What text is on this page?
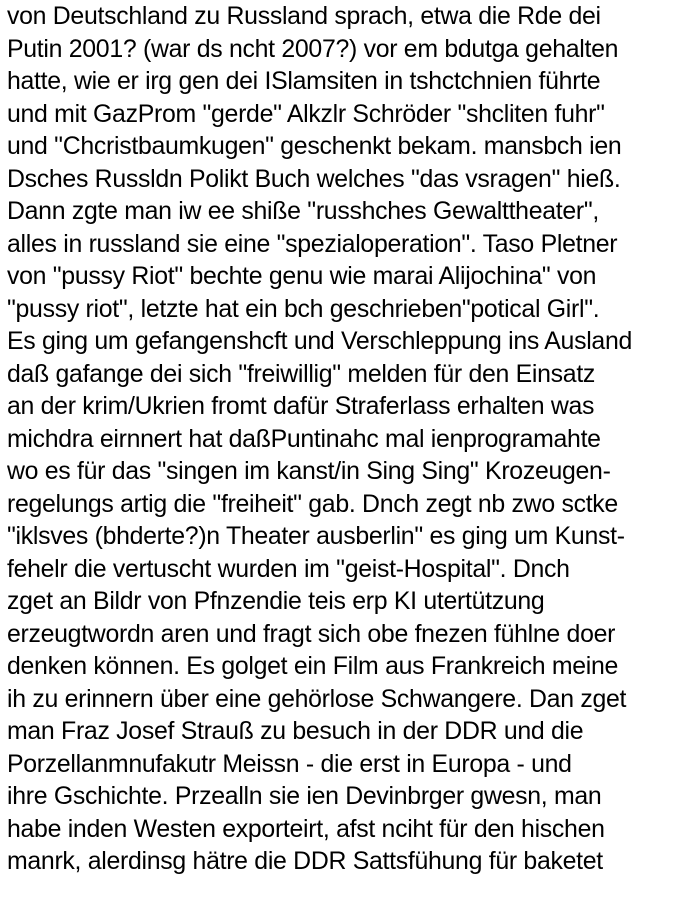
von Deutschland zu Russland sprach, etwa die Rde dei
Putin 2001? (war ds ncht 2007?) vor em bdutga gehalten
hatte, wie er irg gen dei ISlamsiten in tshctchnien führte
und mit GazProm "gerde" Alkzlr Schröder "shcliten fuhr"
und "Chcristbaumkugen" geschenkt bekam. mansbch ien
Dsches Russldn Polikt Buch welches "das vsragen" hieß.
Dann zgte man iw ee shiße "russhches Gewalttheater",
alles in russland sie eine "spezialoperation". Taso Pletner
von "pussy Riot" bechte genu wie marai Alijochina" von
"pussy riot", letzte hat ein bch geschrieben"potical Girl".
Es ging um gefangenshcft und Verschleppung ins Ausland
daß gafange dei sich "freiwillig" melden für den Einsatz
an der krim/Ukrien fromt dafür Straferlass erhalten was
michdra eirnnert hat daßPuntinahc mal ienprogramahte
wo es für das "singen im kanst/in Sing Sing" Krozeugen-
regelungs artig die "freiheit" gab. Dnch zegt nb zwo sctke
"iklsves (bhderte?)n Theater ausberlin" es ging um Kunst-
fehelr die vertuscht wurden im "geist-Hospital". Dnch
zget an Bildr von Pfnzendie teis erp KI utertützung
erzeugtwordn aren und fragt sich obe fnezen fühlne doer
denken können. Es golget ein Film aus Frankreich meine
ih zu erinnern über eine gehörlose Schwangere. Dan zget
man Fraz Josef Strauß zu besuch in der DDR und die
Porzellanmnufakutr Meissn - die erst in Europa - und
ihre Gschichte. Przealln sie ien Devinbrger gwesn, man
habe inden Westen exporteirt, afst nciht für den hischen
manrk, alerdinsg hätre die DDR Sattsfühung für baketet
